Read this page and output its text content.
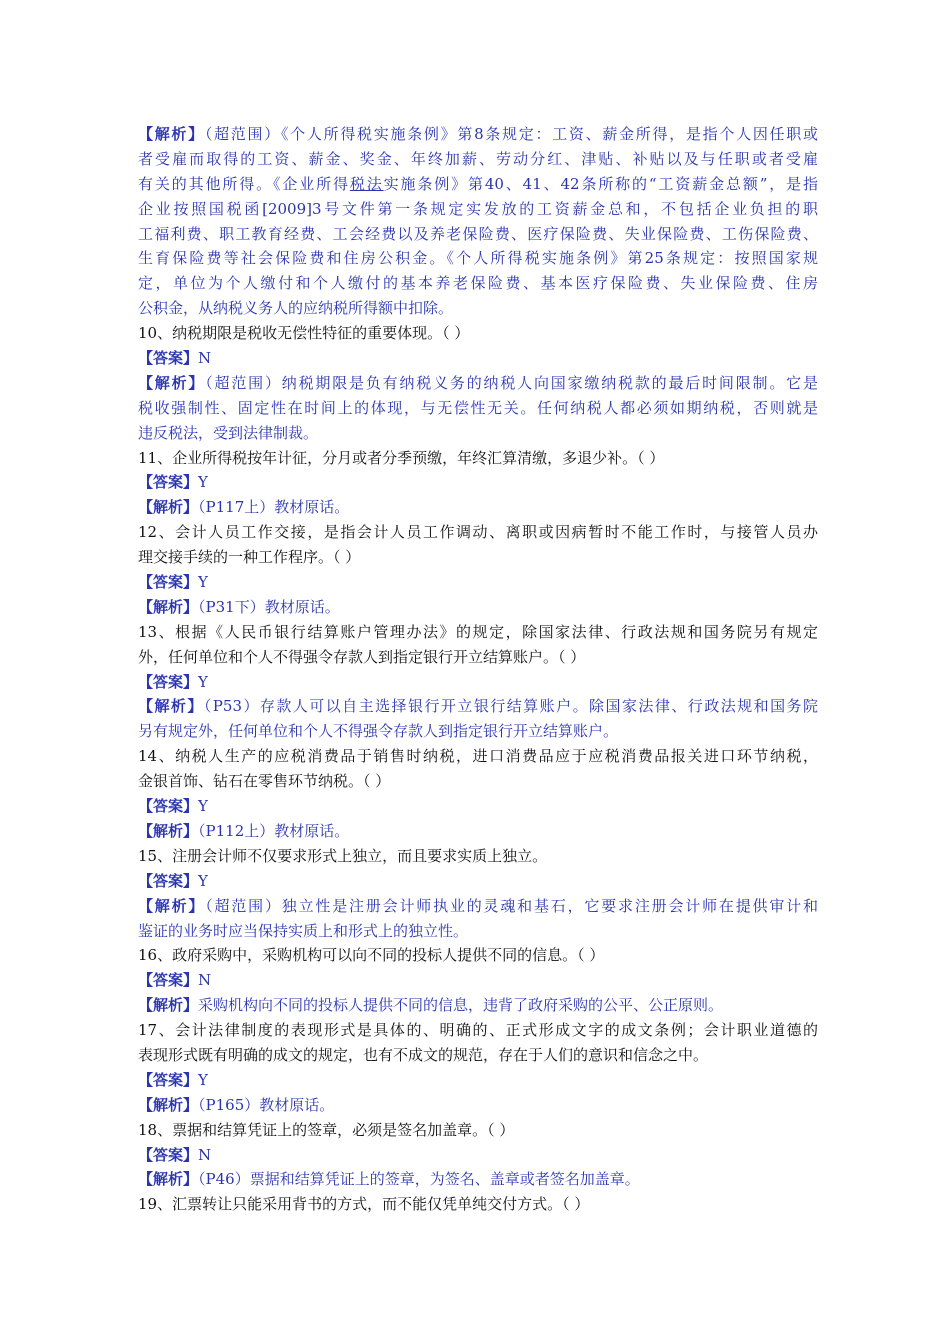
【解析】（超范围）《个人所得税实施条例》第8条规定：工资、薪金所得，是指个人因任职或
者受雇而取得的工资、薪金、奖金、年终加薪、劳动分红、津贴、补贴以及与任职或者受雇
有关的其他所得。《企业所得税法实施条例》第40、41、42条所称的“工资薪金总额”，是指
企业按照国税函[2009]3号文件第一条规定实发放的工资薪金总和，不包括企业负担的职
工福利费、职工教育经费、工会经费以及养老保险费、医疗保险费、失业保险费、工伤保险费、
生育保险费等社会保险费和住房公积金。《个人所得税实施条例》第25条规定：按照国家规
定，单位为个人缴付和个人缴付的基本养老保险费、基本医疗保险费、失业保险费、住房
公积金，从纳税义务人的应纳税所得额中扣除。
10、纳税期限是税收无偿性特征的重要体现。（ ）
【答案】N
【解析】（超范围）纳税期限是负有纳税义务的纳税人向国家缴纳税款的最后时间限制。它是
税收强制性、固定性在时间上的体现，与无偿性无关。任何纳税人都必须如期纳税，否则就是
违反税法，受到法律制裁。
11、企业所得税按年计征，分月或者分季预缴，年终汇算清缴，多退少补。（ ）
【答案】Y
【解析】（P117上）教材原话。
12、会计人员工作交接，是指会计人员工作调动、离职或因病暂时不能工作时，与接管人员办
理交接手续的一种工作程序。（ ）
【答案】Y
【解析】（P31下）教材原话。
13、根据《人民币银行结算账户管理办法》的规定，除国家法律、行政法规和国务院另有规定
外，任何单位和个人不得强令存款人到指定银行开立结算账户。（ ）
【答案】Y
【解析】（P53）存款人可以自主选择银行开立银行结算账户。除国家法律、行政法规和国务院
另有规定外，任何单位和个人不得强令存款人到指定银行开立结算账户。
14、纳税人生产的应税消费品于销售时纳税，进口消费品应于应税消费品报关进口环节纳税，
金银首饰、钻石在零售环节纳税。（ ）
【答案】Y
【解析】（P112上）教材原话。
15、注册会计师不仅要求形式上独立，而且要求实质上独立。
【答案】Y
【解析】（超范围）独立性是注册会计师执业的灵魂和基石，它要求注册会计师在提供审计和
鉴证的业务时应当保持实质上和形式上的独立性。
16、政府采购中，采购机构可以向不同的投标人提供不同的信息。（ ）
【答案】N
【解析】采购机构向不同的投标人提供不同的信息，违背了政府采购的公平、公正原则。
17、会计法律制度的表现形式是具体的、明确的、正式形成文字的成文条例；会计职业道德的
表现形式既有明确的成文的规定，也有不成文的规范，存在于人们的意识和信念之中。
【答案】Y
【解析】（P165）教材原话。
18、票据和结算凭证上的签章，必须是签名加盖章。（ ）
【答案】N
【解析】（P46）票据和结算凭证上的签章，为签名、盖章或者签名加盖章。
19、汇票转让只能采用背书的方式，而不能仅凭单纯交付方式。（ ）
